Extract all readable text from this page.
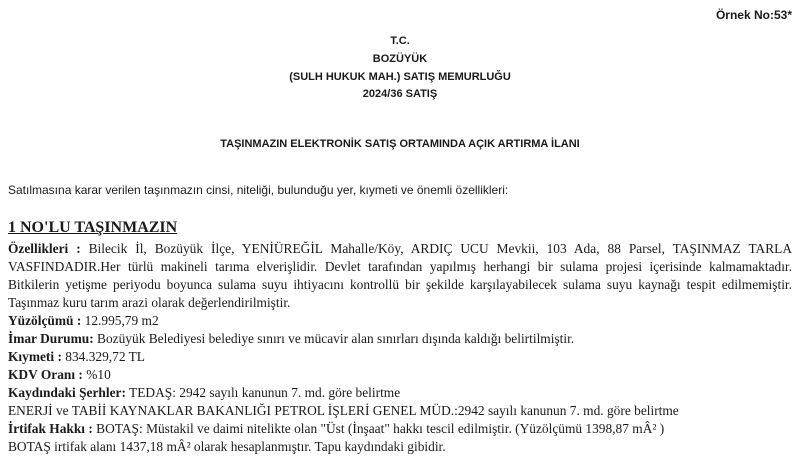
Örnek No:53*
T.C.
BOZÜYÜK
(SULH HUKUK MAH.) SATIŞ MEMURLUĞU
2024/36 SATIŞ
TAŞINMAZIN ELEKTRONİK SATIŞ ORTAMINDA AÇIK ARTIRMA İLANI
Satılmasına karar verilen taşınmazın cinsi, niteliği, bulunduğu yer, kıymeti ve önemli özellikleri:
1 NO'LU TAŞINMAZIN

Özellikleri : Bilecik İl, Bozüyük İlçe, YENİÜREĞİL Mahalle/Köy, ARDIÇ UCU Mevkii, 103 Ada, 88 Parsel, TAŞINMAZ TARLA VASFINDADIR.Her türlü makineli tarıma elverişlidir. Devlet tarafından yapılmış herhangi bir sulama projesi içerisinde kalmamaktadır. Bitkilerin yetişme periyodu boyunca sulama suyu ihtiyacını kontrollü bir şekilde karşılayabilecek sulama suyu kaynağı tespit edilmemiştir. Taşınmaz kuru tarım arazi olarak değerlendirilmiştir.

Yüzölçümü : 12.995,79 m2

İmar Durumu: Bozüyük Belediyesi belediye sınırı ve mücavir alan sınırları dışında kaldığı belirtilmiştir.

Kıymeti : 834.329,72 TL

KDV Oranı : %10

Kaydındaki Şerhler: TEDAŞ: 2942 sayılı kanunun 7. md. göre belirtme

ENERJİ ve TABİİ KAYNAKLAR BAKANLIĞI PETROL İŞLERİ GENEL MÜD.:2942 sayılı kanunun 7. md. göre belirtme

İrtifak Hakkı : BOTAŞ: Müstakil ve daimi nitelikte olan "Üst (İnşaat" hakkı tescil edilmiştir. (Yüzölçümü 1398,87 mÂ² )

BOTAŞ irtifak alanı 1437,18 mÂ² olarak hesaplanmıştır. Tapu kaydındaki gibidir.
